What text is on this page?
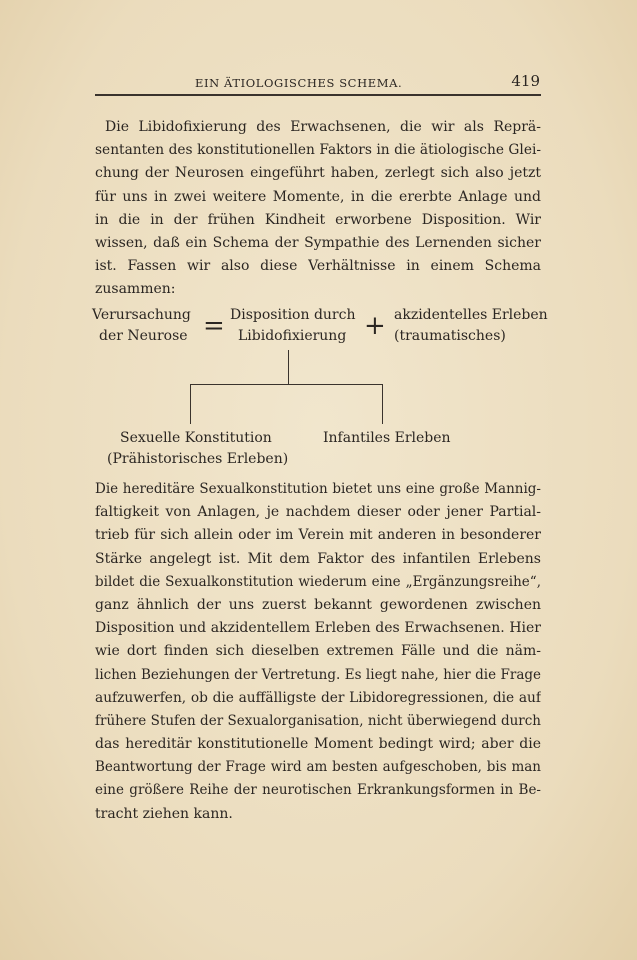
EIN ÄTIOLOGISCHES SCHEMA.	419
Die Libidofixierung des Erwachsenen, die wir als Reprä-
sentanten des konstitutionellen Faktors in die ätiologische Glei-
chung der Neurosen eingeführt haben, zerlegt sich also jetzt
für uns in zwei weitere Momente, in die ererbte Anlage und
in die in der frühen Kindheit erworbene Disposition. Wir
wissen, daß ein Schema der Sympathie des Lernenden sicher
ist. Fassen wir also diese Verhältnisse in einem Schema
zusammen:
Verursachung
der Neurose = Disposition durch
Libidofixierung + akzidentelles Erleben
(traumatisches)
Sexuelle Konstitution
(Prähistorisches Erleben)
Infantiles Erleben
Die hereditäre Sexualkonstitution bietet uns eine große Mannig-
faltigkeit von Anlagen, je nachdem dieser oder jener Partial-
trieb für sich allein oder im Verein mit anderen in besonderer
Stärke angelegt ist. Mit dem Faktor des infantilen Erlebens
bildet die Sexualkonstitution wiederum eine „Ergänzungsreihe“,
ganz ähnlich der uns zuerst bekannt gewordenen zwischen
Disposition und akzidentellem Erleben des Erwachsenen. Hier
wie dort finden sich dieselben extremen Fälle und die näm-
lichen Beziehungen der Vertretung. Es liegt nahe, hier die Frage
aufzuwerfen, ob die auffälligste der Libidoregressionen, die auf
frühere Stufen der Sexualorganisation, nicht überwiegend durch
das hereditär konstitutionelle Moment bedingt wird; aber die
Beantwortung der Frage wird am besten aufgeschoben, bis man
eine größere Reihe der neurotischen Erkrankungsformen in Be-
tracht ziehen kann.
